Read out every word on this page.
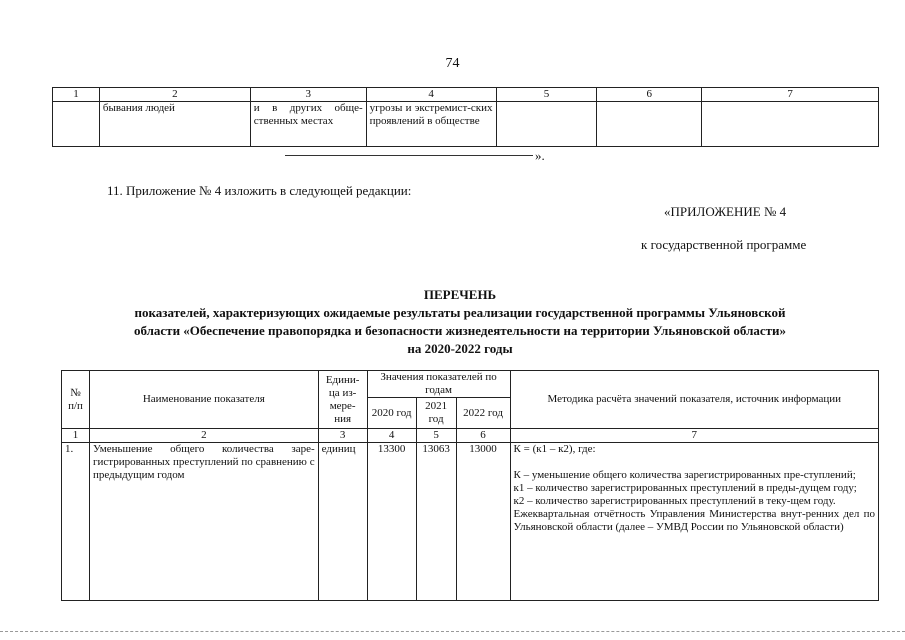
74
1	2	3	4	5	6	7
	бывания людей	и в других обще-ственных местах	угрозы и экстремист-ских проявлений в обществе			
».
11. Приложение № 4 изложить в следующей редакции:
«ПРИЛОЖЕНИЕ № 4
к государственной программе
ПЕРЕЧЕНЬ
показателей, характеризующих ожидаемые результаты реализации государственной программы Ульяновской
области «Обеспечение правопорядка и безопасности жизнедеятельности на территории Ульяновской области»
на 2020-2022 годы
№ п/п	Наименование показателя	Едини-ца из-мере-ния	Значения показателей по годам			Методика расчёта значений показателя, источник информации
			2020 год	2021 год	2022 год	
1	2	3	4	5	6	7
1.	Уменьшение общего количества заре-гистрированных преступлений по сравнению с предыдущим годом	единиц	13300	13063	13000	К = (к1 – к2), где:

К – уменьшение общего количества зарегистрированных пре-ступлений;

к1 – количество зарегистрированных преступлений в преды-дущем году;

к2 – количество зарегистрированных преступлений в теку-щем году.

Ежеквартальная отчётность Управления Министерства внут-ренних дел по Ульяновской области (далее – УМВД России по Ульяновской области)
